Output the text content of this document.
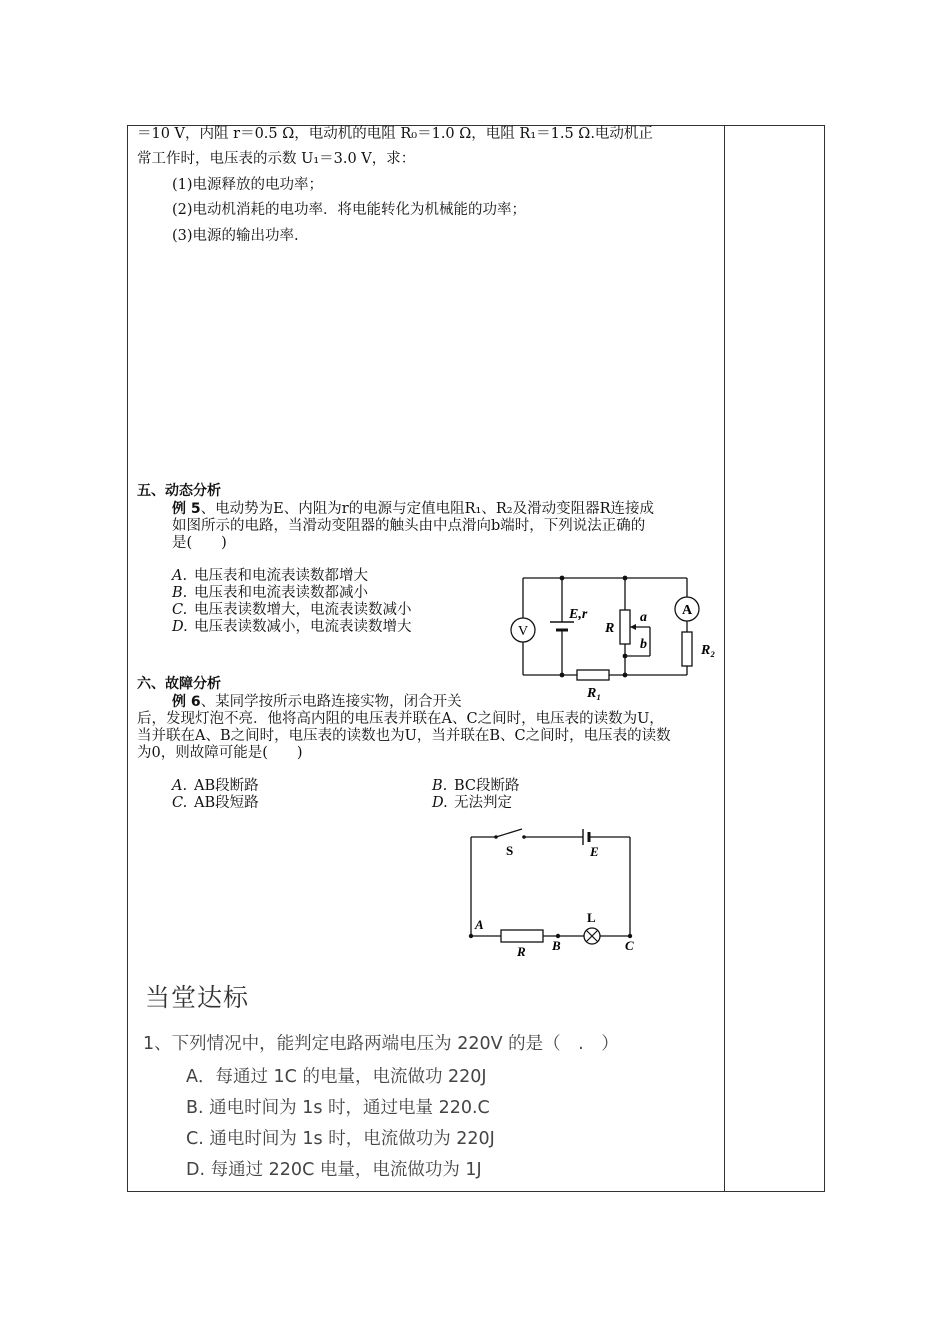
＝10 V，内阻 r＝0.5 Ω，电动机的电阻 R₀＝1.0 Ω，电阻 R₁＝1.5 Ω.电动机正
常工作时，电压表的示数 U₁＝3.0 V，求：
(1)电源释放的电功率；
(2)电动机消耗的电功率．将电能转化为机械能的功率；
(3)电源的输出功率.
五、动态分析
例 5、电动势为E、内阻为r的电源与定值电阻R₁、R₂及滑动变阻器R连接成
如图所示的电路，当滑动变阻器的触头由中点滑向b端时，下列说法正确的
是(　　)
A. 电压表和电流表读数都增大
B. 电压表和电流表读数都减小
C. 电压表读数增大，电流表读数减小
D. 电压表读数减小，电流表读数增大	V
A
E,r
R
a
b	R₂
R₁
六、故障分析
例 6、某同学按所示电路连接实物，闭合开关
后，发现灯泡不亮．他将高内阻的电压表并联在A、C之间时，电压表的读数为U，
当并联在A、B之间时，电压表的读数也为U，当并联在B、C之间时，电压表的读数
为0，则故障可能是(　　)
A. AB段断路	B. BC段断路
C. AB段短路	D. 无法判定
S	E
R
L
A
B	C
当堂达标
1、下列情况中，能判定电路两端电压为 220V 的是（　.　）
A．每通过 1C 的电量，电流做功 220J
B. 通电时间为 1s 时，通过电量 220.C
C. 通电时间为 1s 时，电流做功为 220J
D. 每通过 220C 电量，电流做功为 1J
